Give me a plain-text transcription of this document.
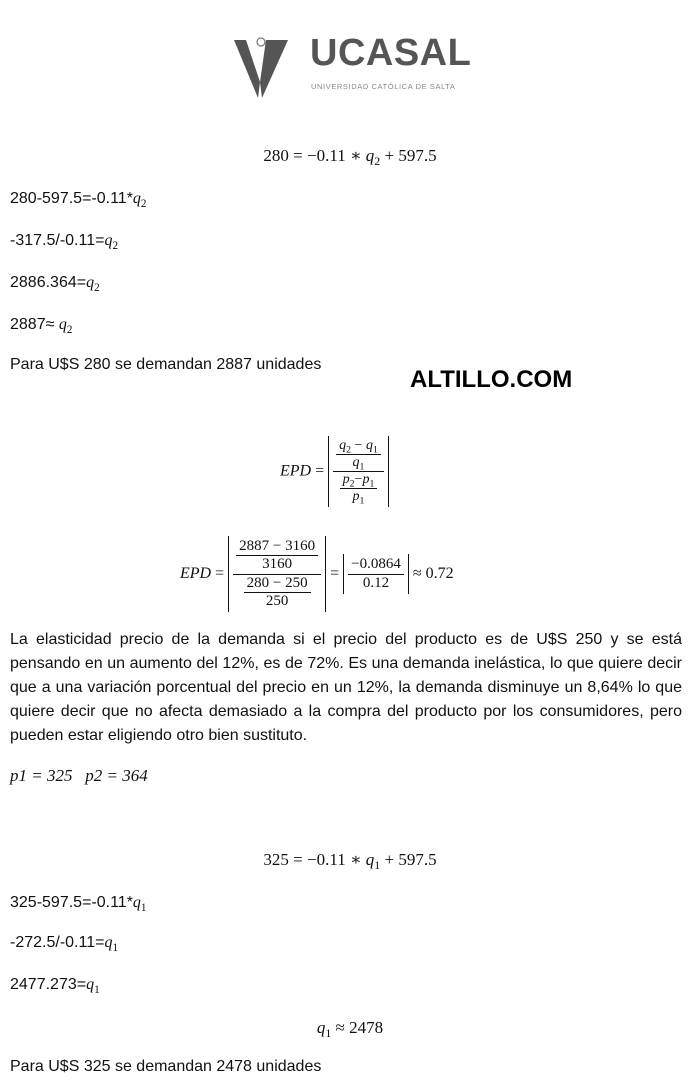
UCASAL
UNIVERSIDAD CATÓLICA DE SALTA
280 = −0.11 ∗ $q_2 + 597.5$
$280-597.5=-0.11*q_2$
$-317.5/-0.11=q_2$
$2886.364=q_2$
$2887\approx q_2$
Para U$S 280 se demandan 2887 unidades
ALTILLO.COM
EPD = $\frac{\frac{q_2 - q_1}{q_1}}{\frac{p_2-p_1}{p_1}}$
EPD = $\frac{\frac{2887 - 3160}{3160}}{\frac{280 - 250}{250}} = \frac{-0.0864}{0.12} \approx 0.72$
La elasticidad precio de la demanda si el precio del producto es de U$S 250 y se está pensando en un aumento del 12%, es de 72%. Es una demanda inelástica, lo que quiere decir que a una variación porcentual del precio en un 12%, la demanda disminuye un 8,64% lo que quiere decir que no afecta demasiado a la compra del producto por los consumidores, pero pueden estar eligiendo otro bien sustituto.
p1 = 325   p2 = 364
325 = −0.11 ∗ $q_1 + 597.5$
$325-597.5=-0.11*q_1$
$-272.5/-0.11=q_1$
$2477.273=q_1$
$q_1 \approx 2478$
Para U$S 325 se demandan 2478 unidades
